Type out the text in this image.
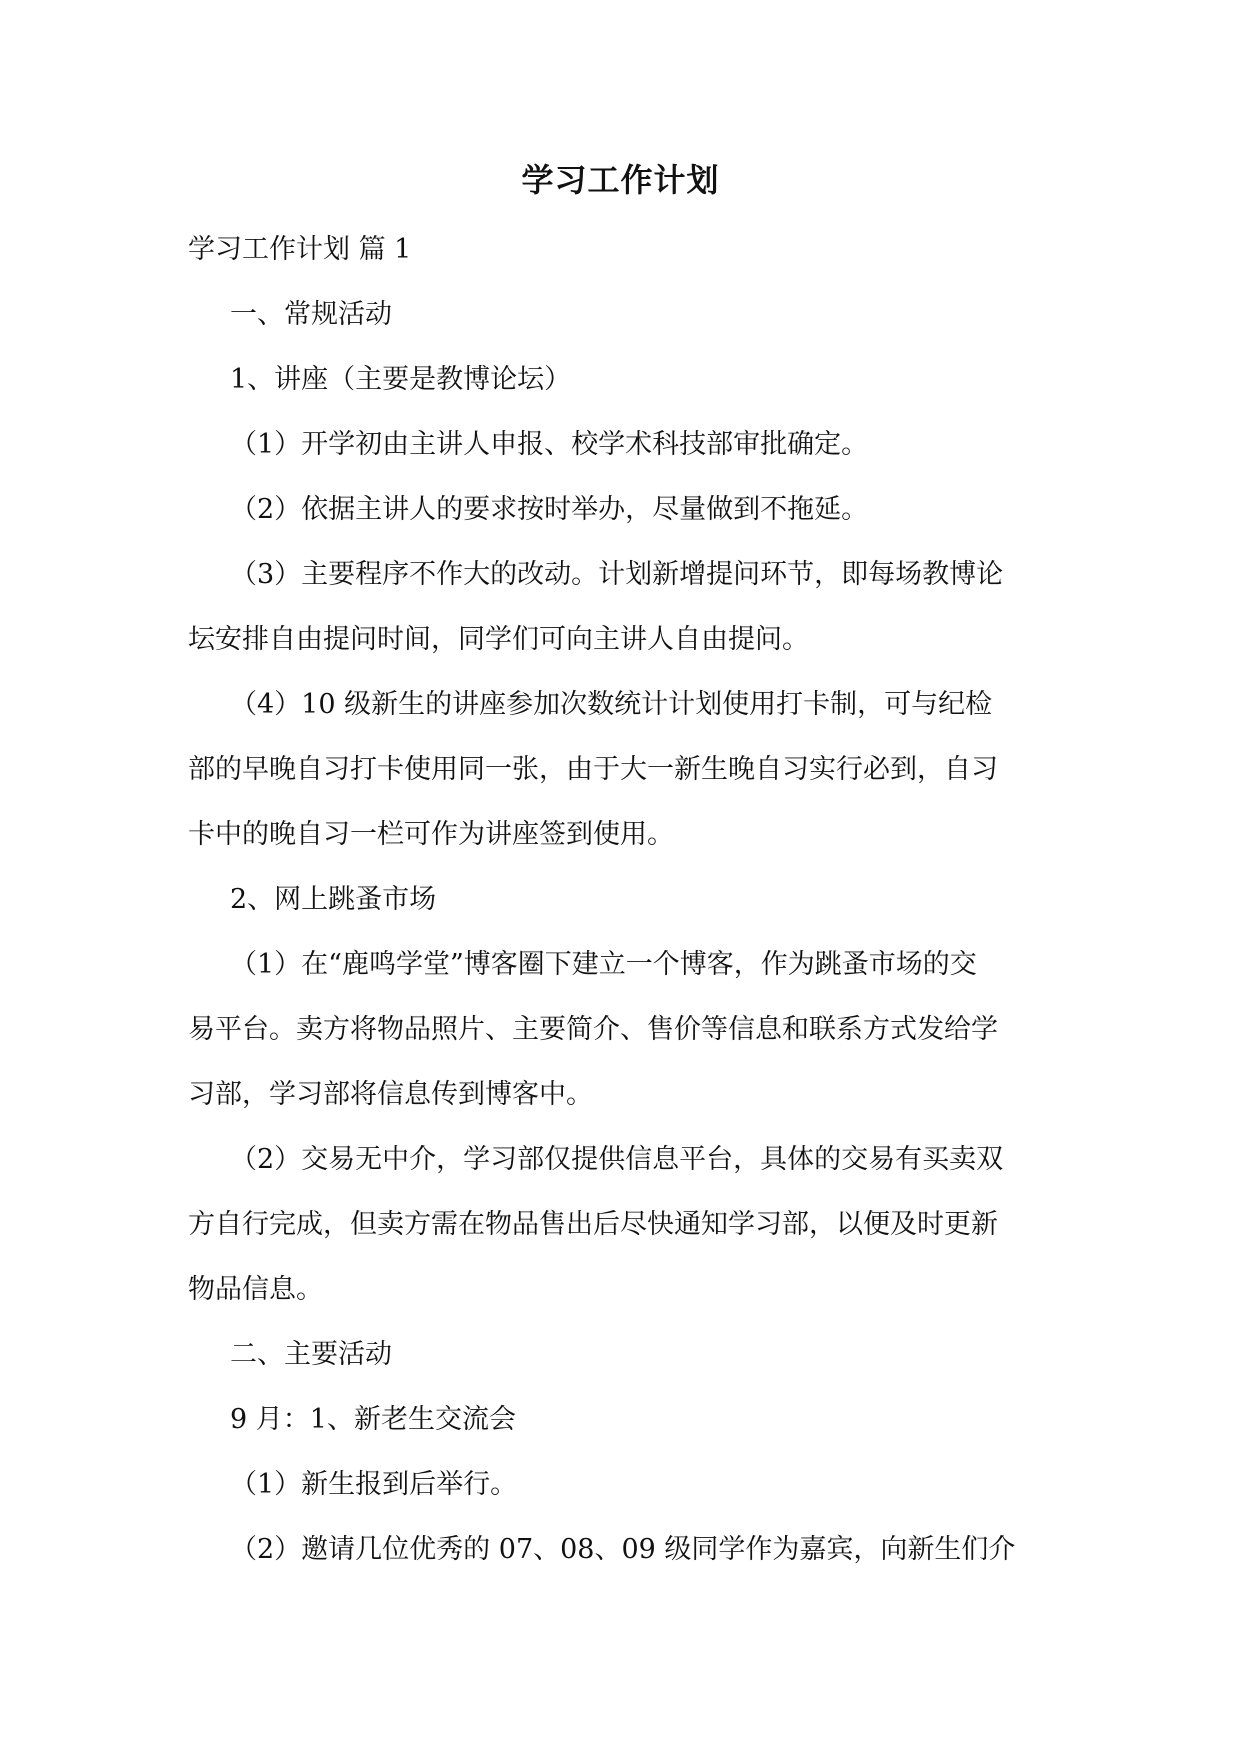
学习工作计划
学习工作计划 篇 1
一、常规活动
1、讲座（主要是教博论坛）
（1）开学初由主讲人申报、校学术科技部审批确定。
（2）依据主讲人的要求按时举办，尽量做到不拖延。
（3）主要程序不作大的改动。计划新增提问环节，即每场教博论
坛安排自由提问时间，同学们可向主讲人自由提问。
（4）10 级新生的讲座参加次数统计计划使用打卡制，可与纪检
部的早晚自习打卡使用同一张，由于大一新生晚自习实行必到，自习
卡中的晚自习一栏可作为讲座签到使用。
2、网上跳蚤市场
（1）在“鹿鸣学堂”博客圈下建立一个博客，作为跳蚤市场的交
易平台。卖方将物品照片、主要简介、售价等信息和联系方式发给学
习部，学习部将信息传到博客中。
（2）交易无中介，学习部仅提供信息平台，具体的交易有买卖双
方自行完成，但卖方需在物品售出后尽快通知学习部，以便及时更新
物品信息。
二、主要活动
9 月：1、新老生交流会
（1）新生报到后举行。
（2）邀请几位优秀的 07、08、09 级同学作为嘉宾，向新生们介
